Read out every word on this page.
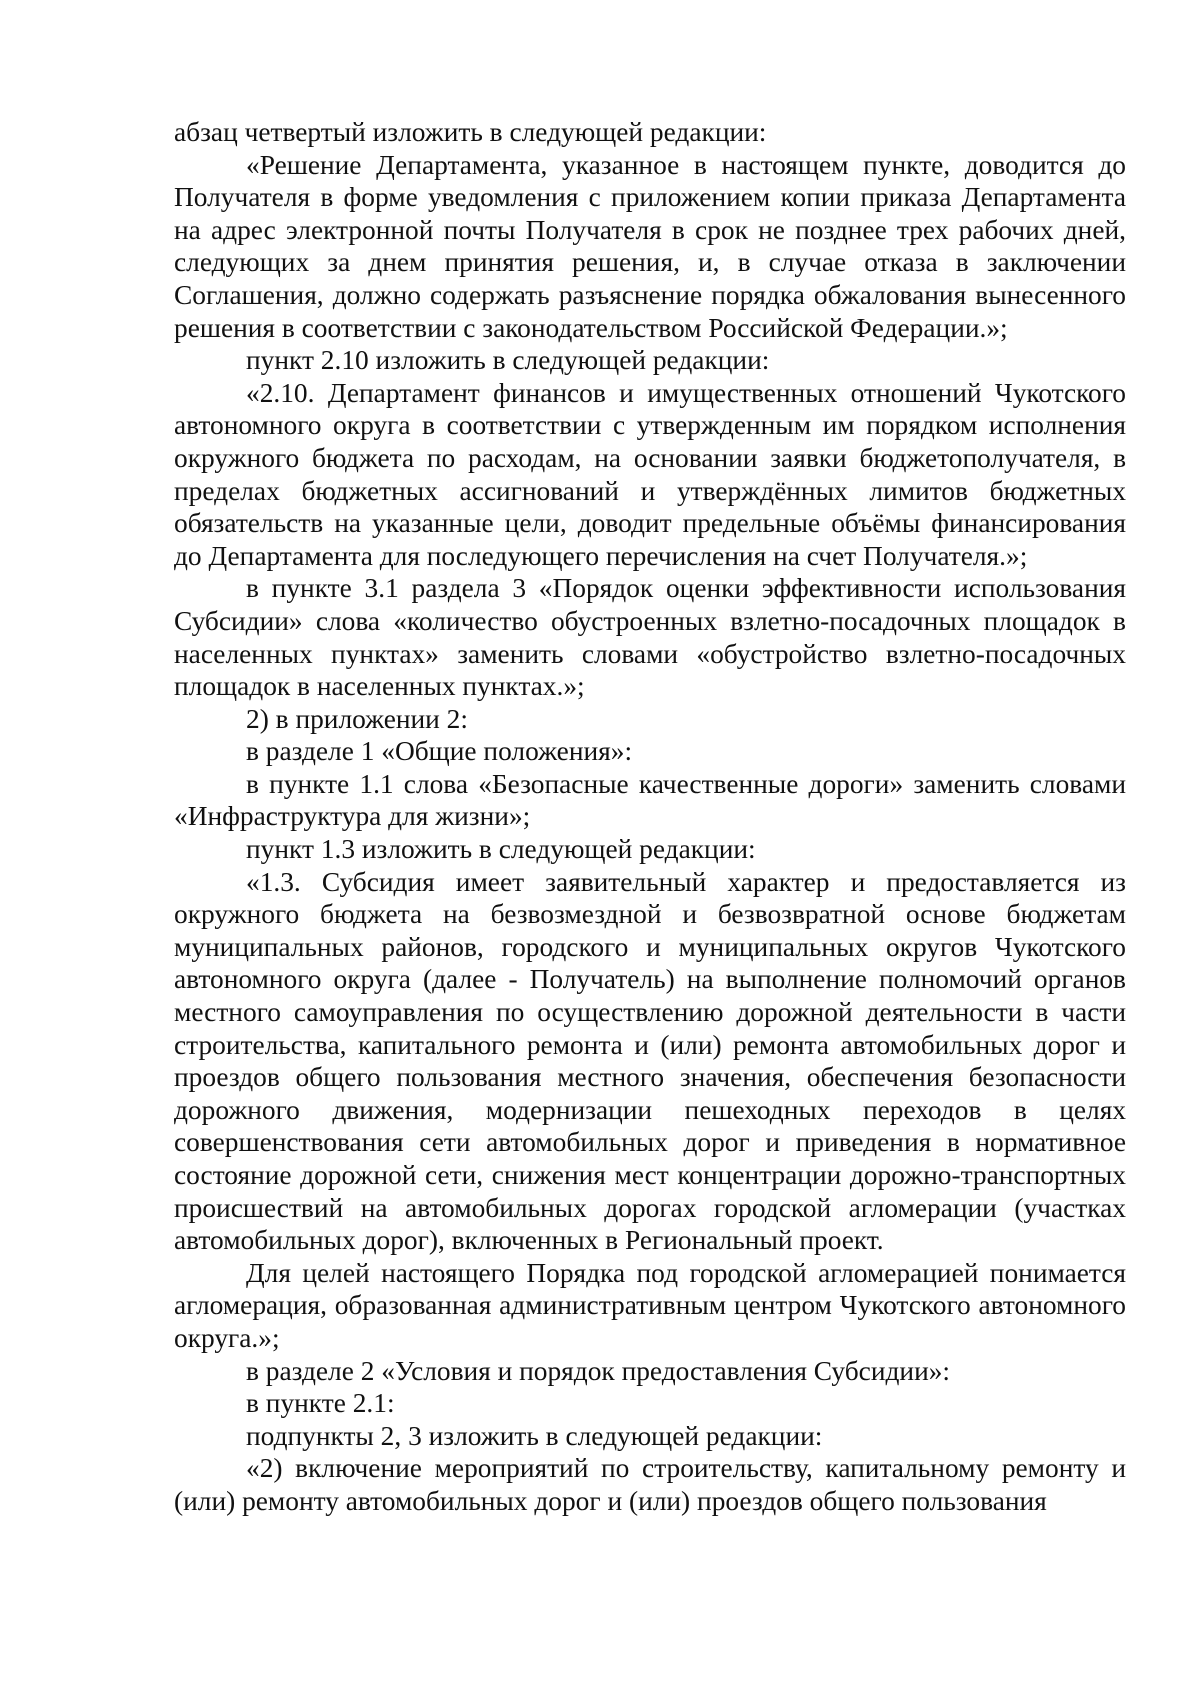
абзац четвертый изложить в следующей редакции:

«Решение Департамента, указанное в настоящем пункте, доводится до Получателя в форме уведомления с приложением копии приказа Департамента на адрес электронной почты Получателя в срок не позднее трех рабочих дней, следующих за днем принятия решения, и, в случае отказа в заключении Соглашения, должно содержать разъяснение порядка обжалования вынесенного решения в соответствии с законодательством Российской Федерации.»;

пункт 2.10 изложить в следующей редакции:

«2.10. Департамент финансов и имущественных отношений Чукотского автономного округа в соответствии с утвержденным им порядком исполнения окружного бюджета по расходам, на основании заявки бюджетополучателя, в пределах бюджетных ассигнований и утверждённых лимитов бюджетных обязательств на указанные цели, доводит предельные объёмы финансирования до Департамента для последующего перечисления на счет Получателя.»;

в пункте 3.1 раздела 3 «Порядок оценки эффективности использования Субсидии» слова «количество обустроенных взлетно-посадочных площадок в населенных пунктах» заменить словами «обустройство взлетно-посадочных площадок в населенных пунктах.»;

2) в приложении 2:

в разделе 1 «Общие положения»:

в пункте 1.1 слова «Безопасные качественные дороги» заменить словами «Инфраструктура для жизни»;

пункт 1.3 изложить в следующей редакции:

«1.3. Субсидия имеет заявительный характер и предоставляется из окружного бюджета на безвозмездной и безвозвратной основе бюджетам муниципальных районов, городского и муниципальных округов Чукотского автономного округа (далее - Получатель) на выполнение полномочий органов местного самоуправления по осуществлению дорожной деятельности в части строительства, капитального ремонта и (или) ремонта автомобильных дорог и проездов общего пользования местного значения, обеспечения безопасности дорожного движения, модернизации пешеходных переходов в целях совершенствования сети автомобильных дорог и приведения в нормативное состояние дорожной сети, снижения мест концентрации дорожно-транспортных происшествий на автомобильных дорогах городской агломерации (участках автомобильных дорог), включенных в Региональный проект.

Для целей настоящего Порядка под городской агломерацией понимается агломерация, образованная административным центром Чукотского автономного округа.»;

в разделе 2 «Условия и порядок предоставления Субсидии»:

в пункте 2.1:

подпункты 2, 3 изложить в следующей редакции:

«2) включение мероприятий по строительству, капитальному ремонту и (или) ремонту автомобильных дорог и (или) проездов общего пользования
